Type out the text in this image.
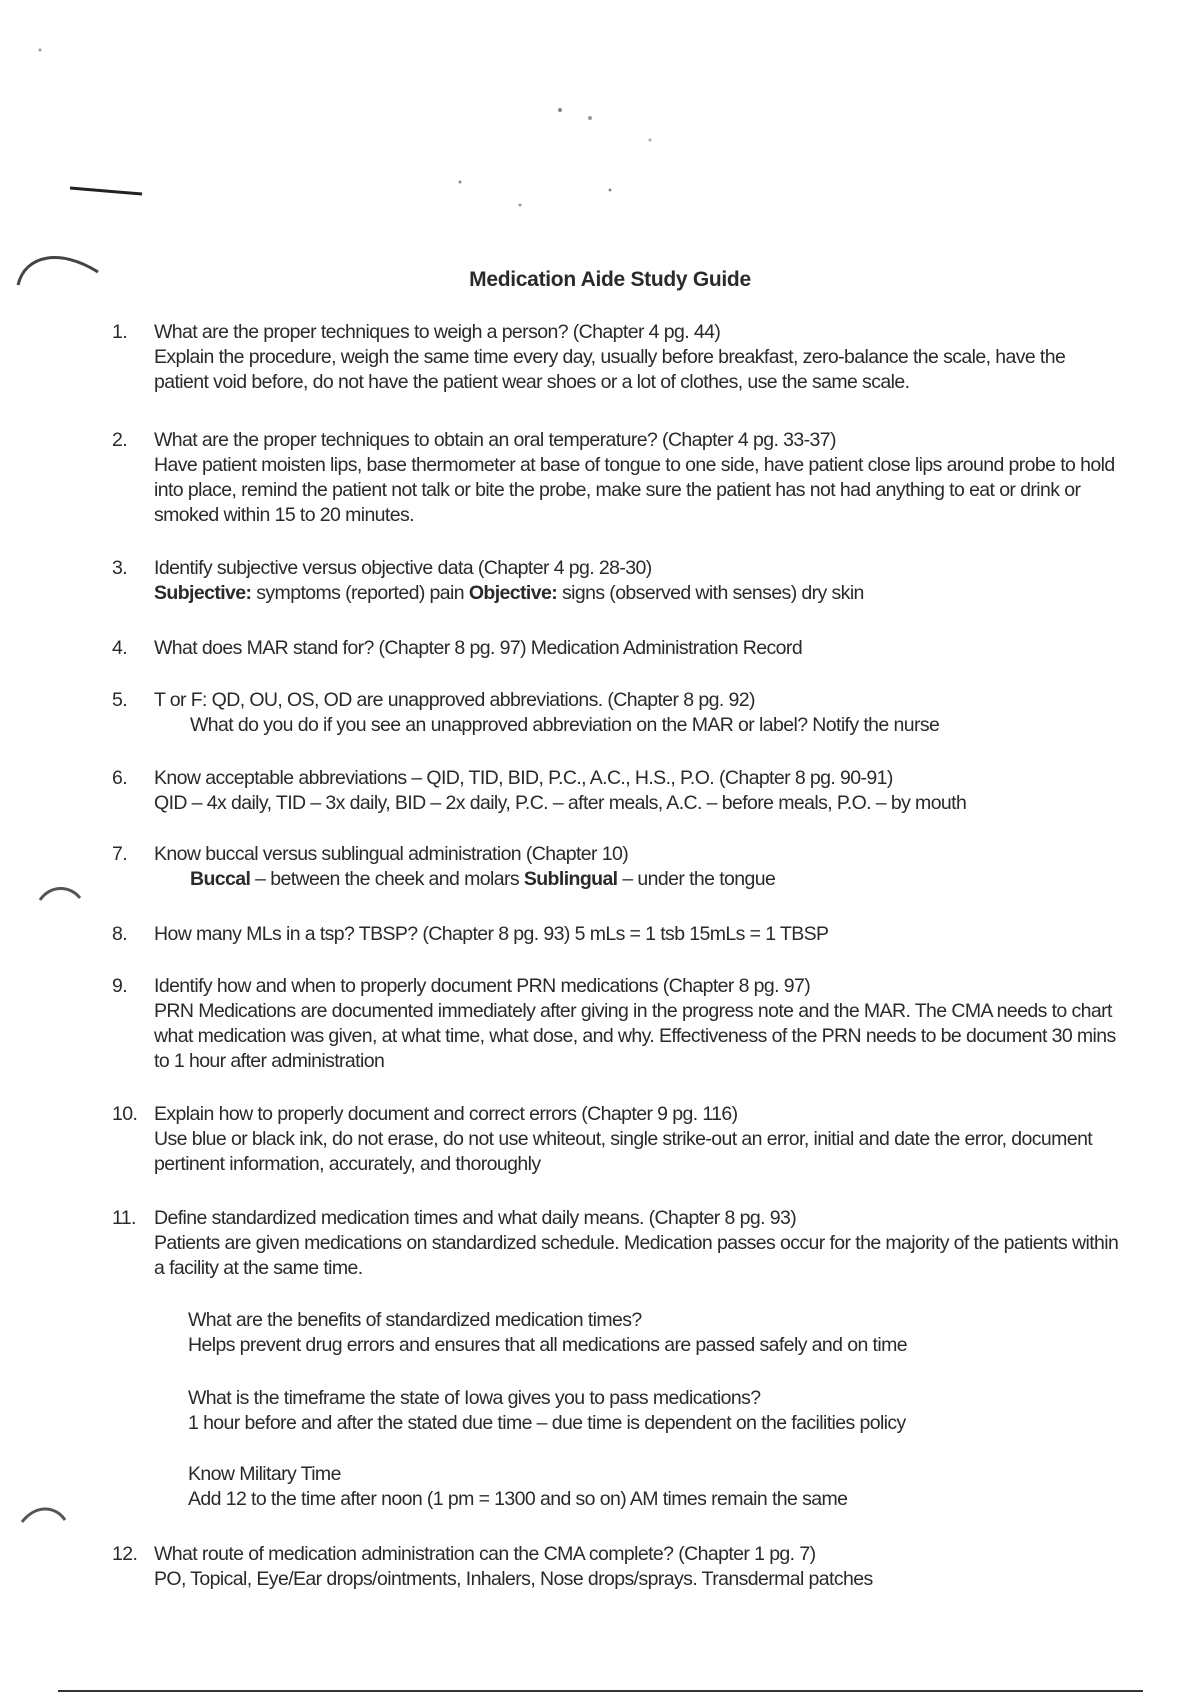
Medication Aide Study Guide
1. What are the proper techniques to weigh a person? (Chapter 4 pg. 44)
Explain the procedure, weigh the same time every day, usually before breakfast, zero-balance the scale, have the patient void before, do not have the patient wear shoes or a lot of clothes, use the same scale.
2. What are the proper techniques to obtain an oral temperature? (Chapter 4 pg. 33-37)
Have patient moisten lips, base thermometer at base of tongue to one side, have patient close lips around probe to hold into place, remind the patient not talk or bite the probe, make sure the patient has not had anything to eat or drink or smoked within 15 to 20 minutes.
3. Identify subjective versus objective data (Chapter 4 pg. 28-30)
Subjective: symptoms (reported) pain Objective: signs (observed with senses) dry skin
4. What does MAR stand for? (Chapter 8 pg. 97) Medication Administration Record
5. T or F: QD, OU, OS, OD are unapproved abbreviations. (Chapter 8 pg. 92)
What do you do if you see an unapproved abbreviation on the MAR or label? Notify the nurse
6. Know acceptable abbreviations – QID, TID, BID, P.C., A.C., H.S., P.O. (Chapter 8 pg. 90-91)
QID – 4x daily, TID – 3x daily, BID – 2x daily, P.C. – after meals, A.C. – before meals, P.O. – by mouth
7. Know buccal versus sublingual administration (Chapter 10)
Buccal – between the cheek and molars Sublingual – under the tongue
8. How many MLs in a tsp? TBSP? (Chapter 8 pg. 93) 5 mLs = 1 tsb 15mLs = 1 TBSP
9. Identify how and when to properly document PRN medications (Chapter 8 pg. 97)
PRN Medications are documented immediately after giving in the progress note and the MAR. The CMA needs to chart what medication was given, at what time, what dose, and why. Effectiveness of the PRN needs to be document 30 mins to 1 hour after administration
10. Explain how to properly document and correct errors (Chapter 9 pg. 116)
Use blue or black ink, do not erase, do not use whiteout, single strike-out an error, initial and date the error, document pertinent information, accurately, and thoroughly
11. Define standardized medication times and what daily means. (Chapter 8 pg. 93)
Patients are given medications on standardized schedule. Medication passes occur for the majority of the patients within a facility at the same time.
What are the benefits of standardized medication times?
Helps prevent drug errors and ensures that all medications are passed safely and on time
What is the timeframe the state of Iowa gives you to pass medications?
1 hour before and after the stated due time – due time is dependent on the facilities policy
Know Military Time
Add 12 to the time after noon (1 pm = 1300 and so on) AM times remain the same
12. What route of medication administration can the CMA complete? (Chapter 1 pg. 7)
PO, Topical, Eye/Ear drops/ointments, Inhalers, Nose drops/sprays. Transdermal patches
